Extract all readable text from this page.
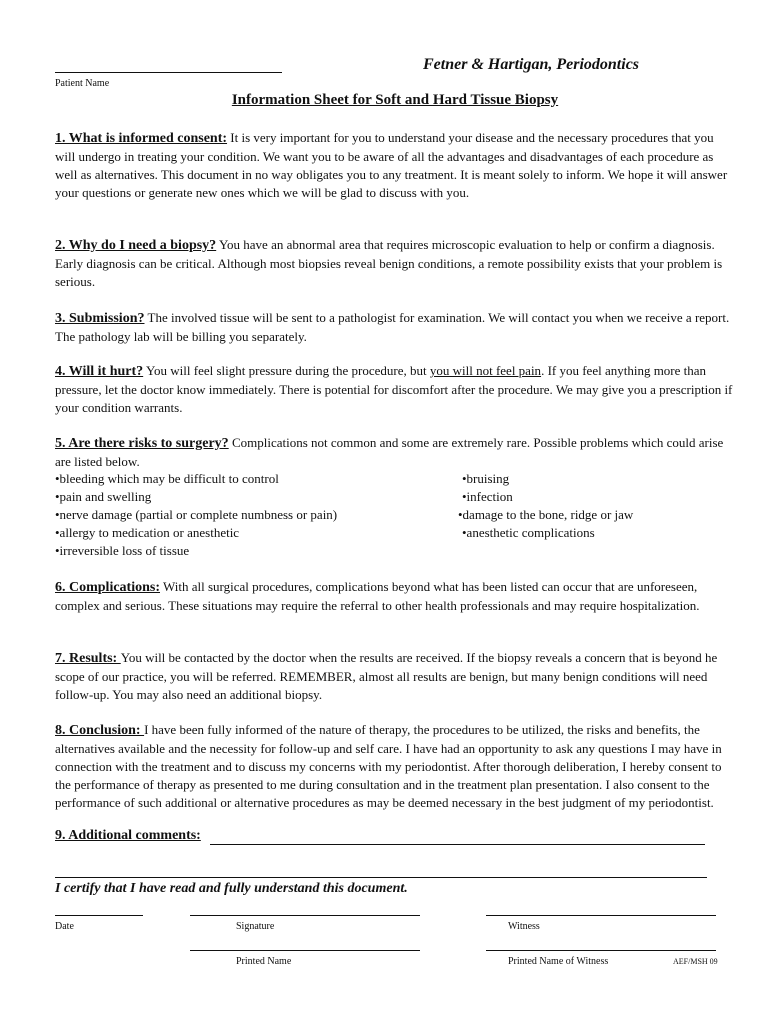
Patient Name
Fetner & Hartigan, Periodontics
Information Sheet for Soft and Hard Tissue Biopsy

1. What is informed consent: It is very important for you to understand your disease and the necessary procedures that you will undergo in treating your condition. We want you to be aware of all the advantages and disadvantages of each procedure as well as alternatives. This document in no way obligates you to any treatment. It is meant solely to inform. We hope it will answer your questions or generate new ones which we will be glad to discuss with you.

2. Why do I need a biopsy? You have an abnormal area that requires microscopic evaluation to help or confirm a diagnosis. Early diagnosis can be critical. Although most biopsies reveal benign conditions, a remote possibility exists that your problem is serious.

3. Submission? The involved tissue will be sent to a pathologist for examination. We will contact you when we receive a report. The pathology lab will be billing you separately.

4. Will it hurt? You will feel slight pressure during the procedure, but you will not feel pain. If you feel anything more than pressure, let the doctor know immediately. There is potential for discomfort after the procedure. We may give you a prescription if your condition warrants.

5. Are there risks to surgery? Complications not common and some are extremely rare. Possible problems which could arise are listed below.

•bleeding which may be difficult to control
•pain and swelling
•nerve damage (partial or complete numbness or pain)
•allergy to medication or anesthetic
•irreversible loss of tissue
•bruising
•infection
•damage to the bone, ridge or jaw
•anesthetic complications

6. Complications: With all surgical procedures, complications beyond what has been listed can occur that are unforeseen, complex and serious. These situations may require the referral to other health professionals and may require hospitalization.

7. Results: You will be contacted by the doctor when the results are received. If the biopsy reveals a concern that is beyond he scope of our practice, you will be referred. REMEMBER, almost all results are benign, but many benign conditions will need follow-up. You may also need an additional biopsy.

8. Conclusion: I have been fully informed of the nature of therapy, the procedures to be utilized, the risks and benefits, the alternatives available and the necessity for follow-up and self care. I have had an opportunity to ask any questions I may have in connection with the treatment and to discuss my concerns with my periodontist. After thorough deliberation, I hereby consent to the performance of therapy as presented to me during consultation and in the treatment plan presentation. I also consent to the performance of such additional or alternative procedures as may be deemed necessary in the best judgment of my periodontist.

9. Additional comments:
I certify that I have read and fully understand this document.
Date	Signature	Witness
Printed Name	Printed Name of Witness	AEF/MSH 09
